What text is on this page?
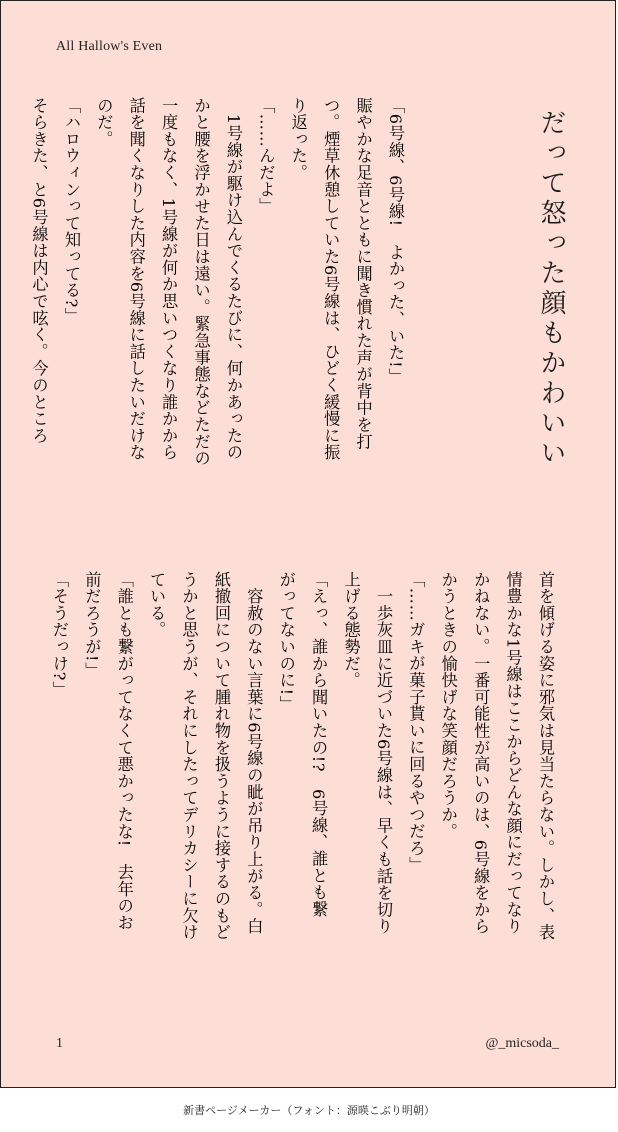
All Hallow's Even
だって怒った顔もかわいい

「6号線、6号線!　よかった、いた!」

賑やかな足音とともに聞き慣れた声が背中を打

つ。煙草休憩していた6号線は、ひどく緩慢に振

り返った。

「……んだよ」

　1号線が駆け込んでくるたびに、何かあったの

かと腰を浮かせた日は遠い。緊急事態などただの

一度もなく、1号線が何か思いつくなり誰かから

話を聞くなりした内容を6号線に話したいだけな

のだ。

「ハロウィンって知ってる?」

そらきた、と6号線は内心で呟く。今のところ

首を傾げる姿に邪気は見当たらない。しかし、表

情豊かな1号線はここからどんな顔にだってなり

かねない。一番可能性が高いのは、6号線をから

かうときの愉快げな笑顔だろうか。

「……ガキが菓子貰いに回るやつだろ」

　一歩灰皿に近づいた6号線は、早くも話を切り

上げる態勢だ。

「えっ、誰から聞いたの!?　6号線、誰とも繋

がってないのに!」

　容赦のない言葉に6号線の眦が吊り上がる。白

紙撤回について腫れ物を扱うように接するのもど

うかと思うが、それにしたってデリカシーに欠け

ている。

「誰とも繋がってなくて悪かったな!　去年のお

前だろうが!」

「そうだっけ?」

1	@_micsoda_
新書ページメーカー（フォント：源暎こぶり明朝）
